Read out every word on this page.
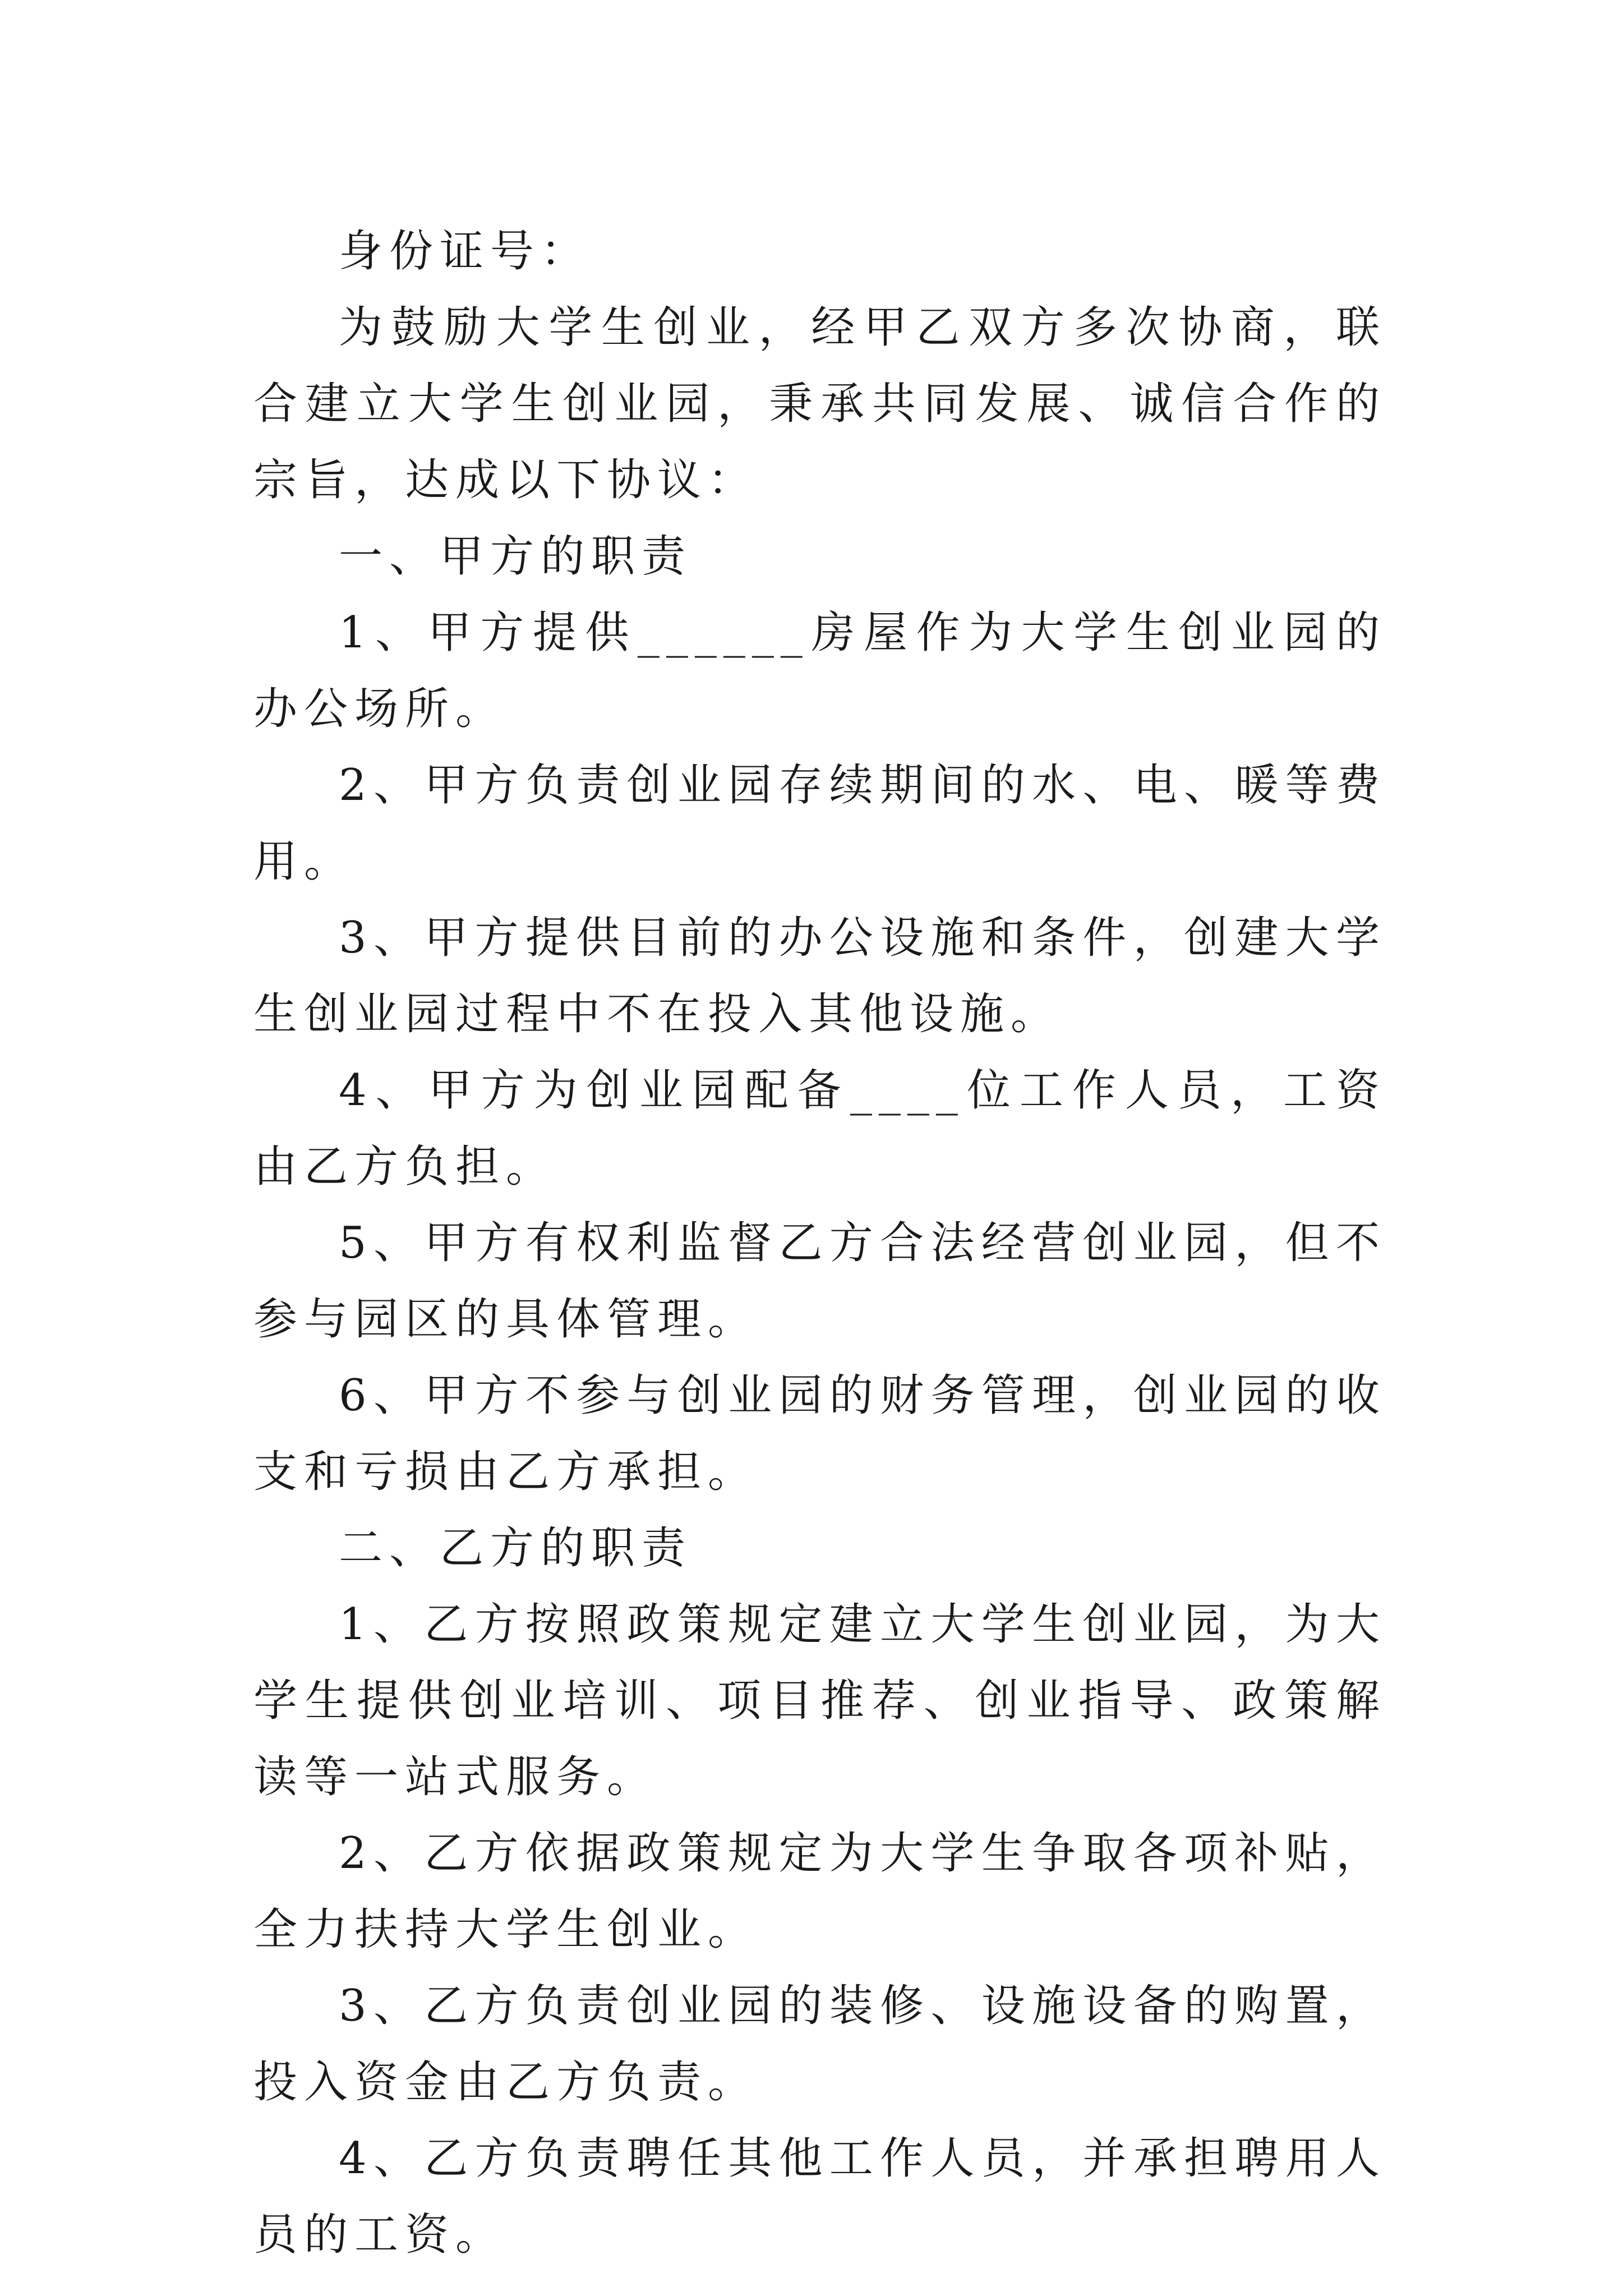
身份证号：

为鼓励大学生创业，经甲乙双方多次协商，联合建立大学生创业园，秉承共同发展、诚信合作的宗旨，达成以下协议：

一、甲方的职责

1、甲方提供______房屋作为大学生创业园的办公场所。

2、甲方负责创业园存续期间的水、电、暖等费用。

3、甲方提供目前的办公设施和条件，创建大学生创业园过程中不在投入其他设施。

4、甲方为创业园配备____位工作人员，工资由乙方负担。

5、甲方有权利监督乙方合法经营创业园，但不参与园区的具体管理。

6、甲方不参与创业园的财务管理，创业园的收支和亏损由乙方承担。

二、乙方的职责

1、乙方按照政策规定建立大学生创业园，为大学生提供创业培训、项目推荐、创业指导、政策解读等一站式服务。

2、乙方依据政策规定为大学生争取各项补贴，全力扶持大学生创业。

3、乙方负责创业园的装修、设施设备的购置，投入资金由乙方负责。

4、乙方负责聘任其他工作人员，并承担聘用人员的工资。
